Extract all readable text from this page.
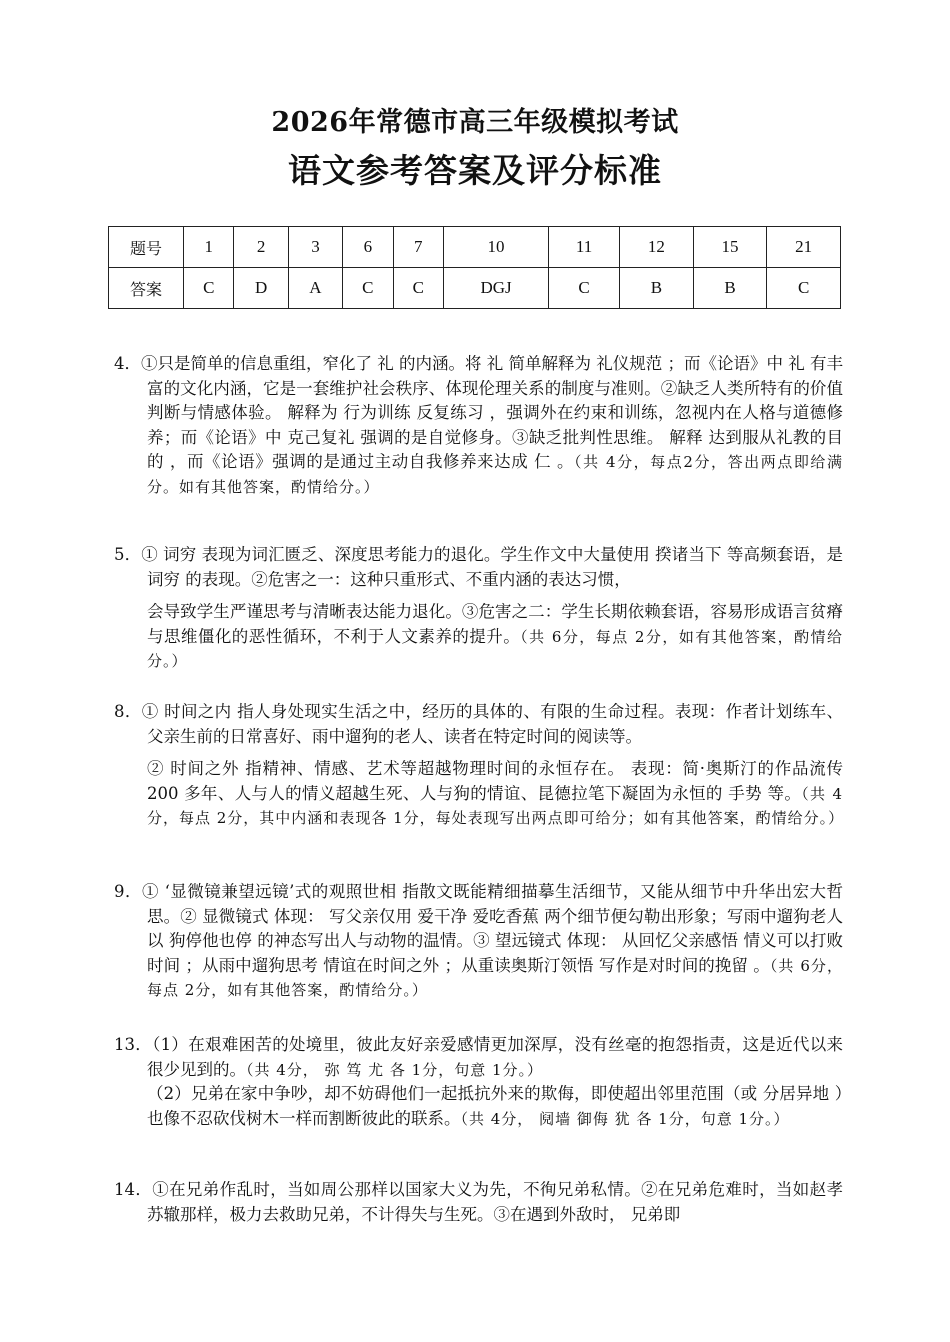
2026年常德市高三年级模拟考试
语文参考答案及评分标准
题号	1	2	3	6	7	10	11	12	15	21
答案	C	D	A	C	C	DGJ	C	B	B	C

4．①只是简单的信息重组，窄化了 礼 的内涵。将 礼 简单解释为 礼仪规范 ；而《论语》中 礼 有丰富的文化内涵，它是一套维护社会秩序、体现伦理关系的制度与准则。②缺乏人类所特有的价值判断与情感体验。 解释为 行为训练 反复练习 ，强调外在约束和训练，忽视内在人格与道德修养；而《论语》中 克己复礼 强调的是自觉修身。③缺乏批判性思维。 解释 达到服从礼教的目的 ，而《论语》强调的是通过主动自我修养来达成 仁 。（共 4分，每点2分，答出两点即给满分。如有其他答案，酌情给分。）

5．① 词穷 表现为词汇匮乏、深度思考能力的退化。学生作文中大量使用 揆诸当下 等高频套语，是 词穷 的表现。②危害之一：这种只重形式、不重内涵的表达习惯，

会导致学生严谨思考与清晰表达能力退化。③危害之二：学生长期依赖套语，容易形成语言贫瘠与思维僵化的恶性循环，不利于人文素养的提升。（共 6分，每点 2分，如有其他答案，酌情给分。）

8．① 时间之内 指人身处现实生活之中，经历的具体的、有限的生命过程。表现：作者计划练车、父亲生前的日常喜好、雨中遛狗的老人、读者在特定时间的阅读等。

② 时间之外 指精神、情感、艺术等超越物理时间的永恒存在。 表现：简·奥斯汀的作品流传 200 多年、人与人的情义超越生死、人与狗的情谊、昆德拉笔下凝固为永恒的 手势 等。（共 4分，每点 2分，其中内涵和表现各 1分，每处表现写出两点即可给分；如有其他答案，酌情给分。）

9．① ‘显微镜兼望远镜’式的观照世相 指散文既能精细描摹生活细节，又能从细节中升华出宏大哲思。② 显微镜式 体现： 写父亲仅用 爱干净 爱吃香蕉 两个细节便勾勒出形象；写雨中遛狗老人以 狗停他也停 的神态写出人与动物的温情。③ 望远镜式 体现： 从回忆父亲感悟 情义可以打败时间 ；从雨中遛狗思考 情谊在时间之外 ；从重读奥斯汀领悟 写作是对时间的挽留 。（共 6分，每点 2分，如有其他答案，酌情给分。）

13．（1）在艰难困苦的处境里，彼此友好亲爱感情更加深厚，没有丝毫的抱怨指责，这是近代以来很少见到的。（共 4分， 弥 笃 尤 各 1分，句意 1分。）

（2）兄弟在家中争吵，却不妨碍他们一起抵抗外来的欺侮，即使超出邻里范围（或 分居异地 ）也像不忍砍伐树木一样而割断彼此的联系。（共 4分， 阋墙 御侮 犹 各 1分，句意 1分。）

14．①在兄弟作乱时，当如周公那样以国家大义为先，不徇兄弟私情。②在兄弟危难时，当如赵孝苏辙那样，极力去救助兄弟，不计得失与生死。③在遇到外敌时， 兄弟即
